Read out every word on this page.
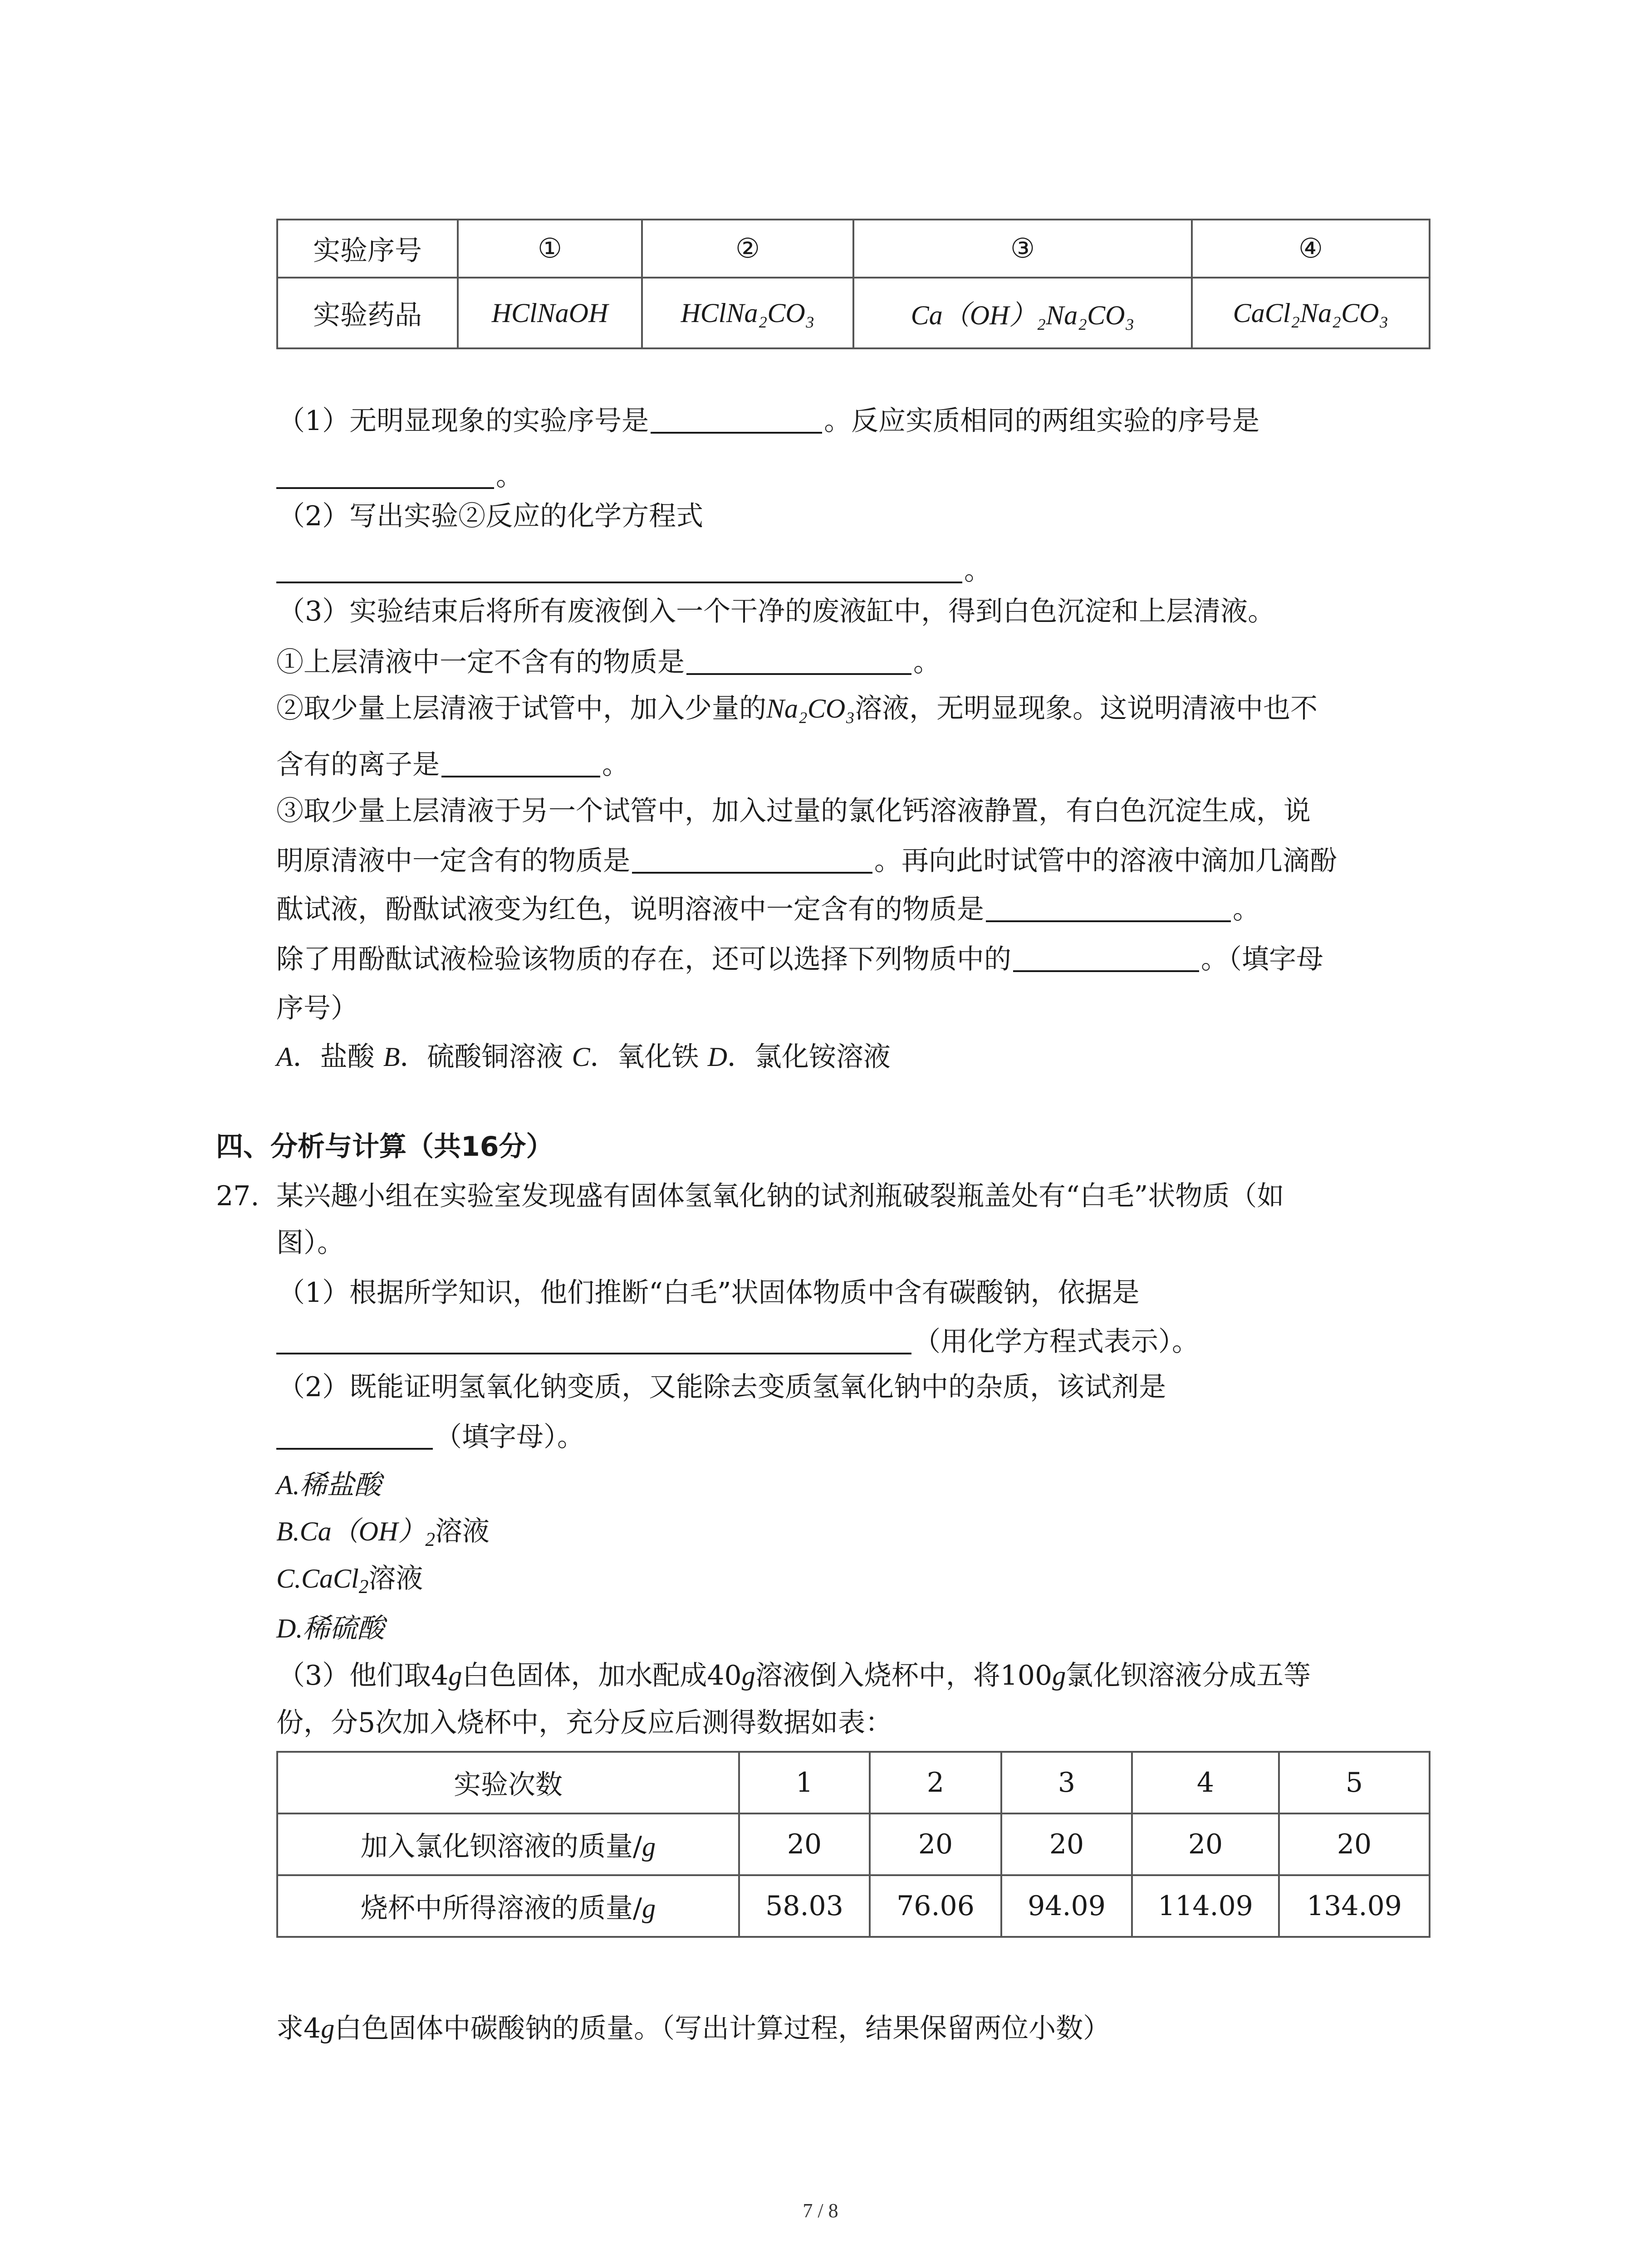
实验序号	①	②	③	④
实验药品	HClNaOH	HClNa₂CO₃	Ca（OH）₂Na₂CO₃	CaCl₂Na₂CO₃
（1）无明显现象的实验序号是	。反应实质相同的两组实验的序号是
。
（2）写出实验②反应的化学方程式
。
（3）实验结束后将所有废液倒入一个干净的废液缸中，得到白色沉淀和上层清液。
①上层清液中一定不含有的物质是	。
②取少量上层清液于试管中，加入少量的Na₂CO₃溶液，无明显现象。这说明清液中也不
含有的离子是	。
③取少量上层清液于另一个试管中，加入过量的氯化钙溶液静置，有白色沉淀生成，说
明原清液中一定含有的物质是	。再向此时试管中的溶液中滴加几滴酚
酞试液，酚酞试液变为红色，说明溶液中一定含有的物质是	。
除了用酚酞试液检验该物质的存在，还可以选择下列物质中的	。（填字母
序号）
A．盐酸 B．硫酸铜溶液 C．氧化铁 D．氯化铵溶液
四、分析与计算（共16分）
27. 某兴趣小组在实验室发现盛有固体氢氧化钠的试剂瓶破裂瓶盖处有“白毛”状物质（如
图）。
（1）根据所学知识，他们推断“白毛”状固体物质中含有碳酸钠，依据是
（用化学方程式表示）。
（2）既能证明氢氧化钠变质，又能除去变质氢氧化钠中的杂质，该试剂是
（填字母）。
A.稀盐酸
$B.Ca(OH)_2$溶液
C.CaCl$_2$溶液
D.稀硫酸
（3）他们取4g白色固体，加水配成40g溶液倒入烧杯中，将100g氯化钡溶液分成五等
份，分5次加入烧杯中，充分反应后测得数据如表：
实验次数	1	2	3	4	5
加入氯化钡溶液的质量/g	20	20	20	20	20
烧杯中所得溶液的质量/g	58.03	76.06	94.09	114.09	134.09
求4g白色固体中碳酸钠的质量。（写出计算过程，结果保留两位小数）
7 / 8
